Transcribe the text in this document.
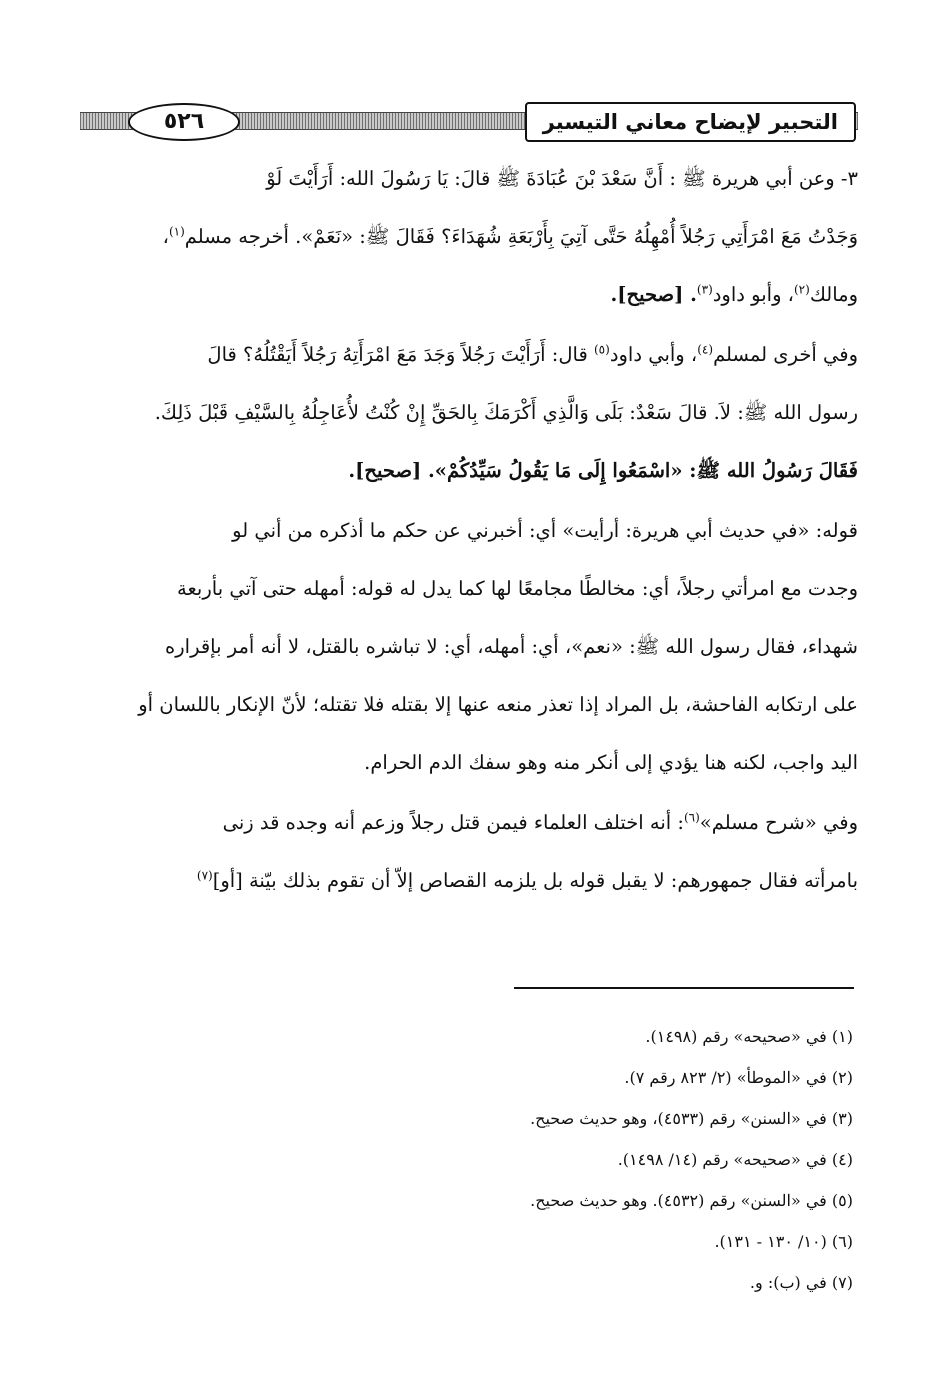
التحبير لإيضاح معاني التيسير
٥٢٦

٣- وعن أبي هريرة ﷺ : أَنَّ سَعْدَ بْنَ عُبَادَةَ ﷺ قالَ: يَا رَسُولَ الله: أَرَأَيْتَ لَوْ
وَجَدْتُ مَعَ امْرَأَتِي رَجُلاً أُمْهِلُهُ حَتَّى آتِيَ بِأَرْبَعَةِ شُهَدَاءَ؟ فَقَالَ ﷺ: «نَعَمْ». أخرجه مسلم$^{(١)}$،
ومالك$^{(٢)}$، وأبو داود$^{(٣)}$. [صحيح].

وفي أخرى لمسلم$^{(٤)}$، وأبي داود$^{(٥)}$ قال: أَرَأَيْتَ رَجُلاً وَجَدَ مَعَ امْرَأَتِهُ رَجُلاً أَيَقْتُلُهُ؟ قالَ
رسول الله ﷺ: لاَ. قالَ سَعْدٌ: بَلَى وَالَّذِي أَكْرَمَكَ بِالحَقِّ إِنْ كُنْتُ لأُعَاجِلُهُ بِالسَّيْفِ قَبْلَ ذَلِكَ.
فَقَالَ رَسُولُ الله ﷺ: «اسْمَعُوا إِلَى مَا يَقُولُ سَيِّدُكُمْ». [صحيح].

قوله: «في حديث أبي هريرة: أرأيت» أي: أخبرني عن حكم ما أذكره من أني لو
وجدت مع امرأتي رجلاً، أي: مخالطًا مجامعًا لها كما يدل له قوله: أمهله حتى آتي بأربعة
شهداء، فقال رسول الله ﷺ: «نعم»، أي: أمهله، أي: لا تباشره بالقتل، لا أنه أمر بإقراره
على ارتكابه الفاحشة، بل المراد إذا تعذر منعه عنها إلا بقتله فلا تقتله؛ لأنّ الإنكار باللسان أو
اليد واجب، لكنه هنا يؤدي إلى أنكر منه وهو سفك الدم الحرام.

وفي «شرح مسلم»$^{(٦)}$: أنه اختلف العلماء فيمن قتل رجلاً وزعم أنه وجده قد زنى
بامرأته فقال جمهورهم: لا يقبل قوله بل يلزمه القصاص إلاّ أن تقوم بذلك بيّنة [أو]$^{(٧)}$

(١) في «صحيحه» رقم (١٤٩٨).
(٢) في «الموطأ» (٢/ ٨٢٣ رقم ٧).
(٣) في «السنن» رقم (٤٥٣٣)، وهو حديث صحيح.
(٤) في «صحيحه» رقم (١٤/ ١٤٩٨).
(٥) في «السنن» رقم (٤٥٣٢). وهو حديث صحيح.
(٦) (١٠/ ١٣٠ - ١٣١).
(٧) في (ب): و.
